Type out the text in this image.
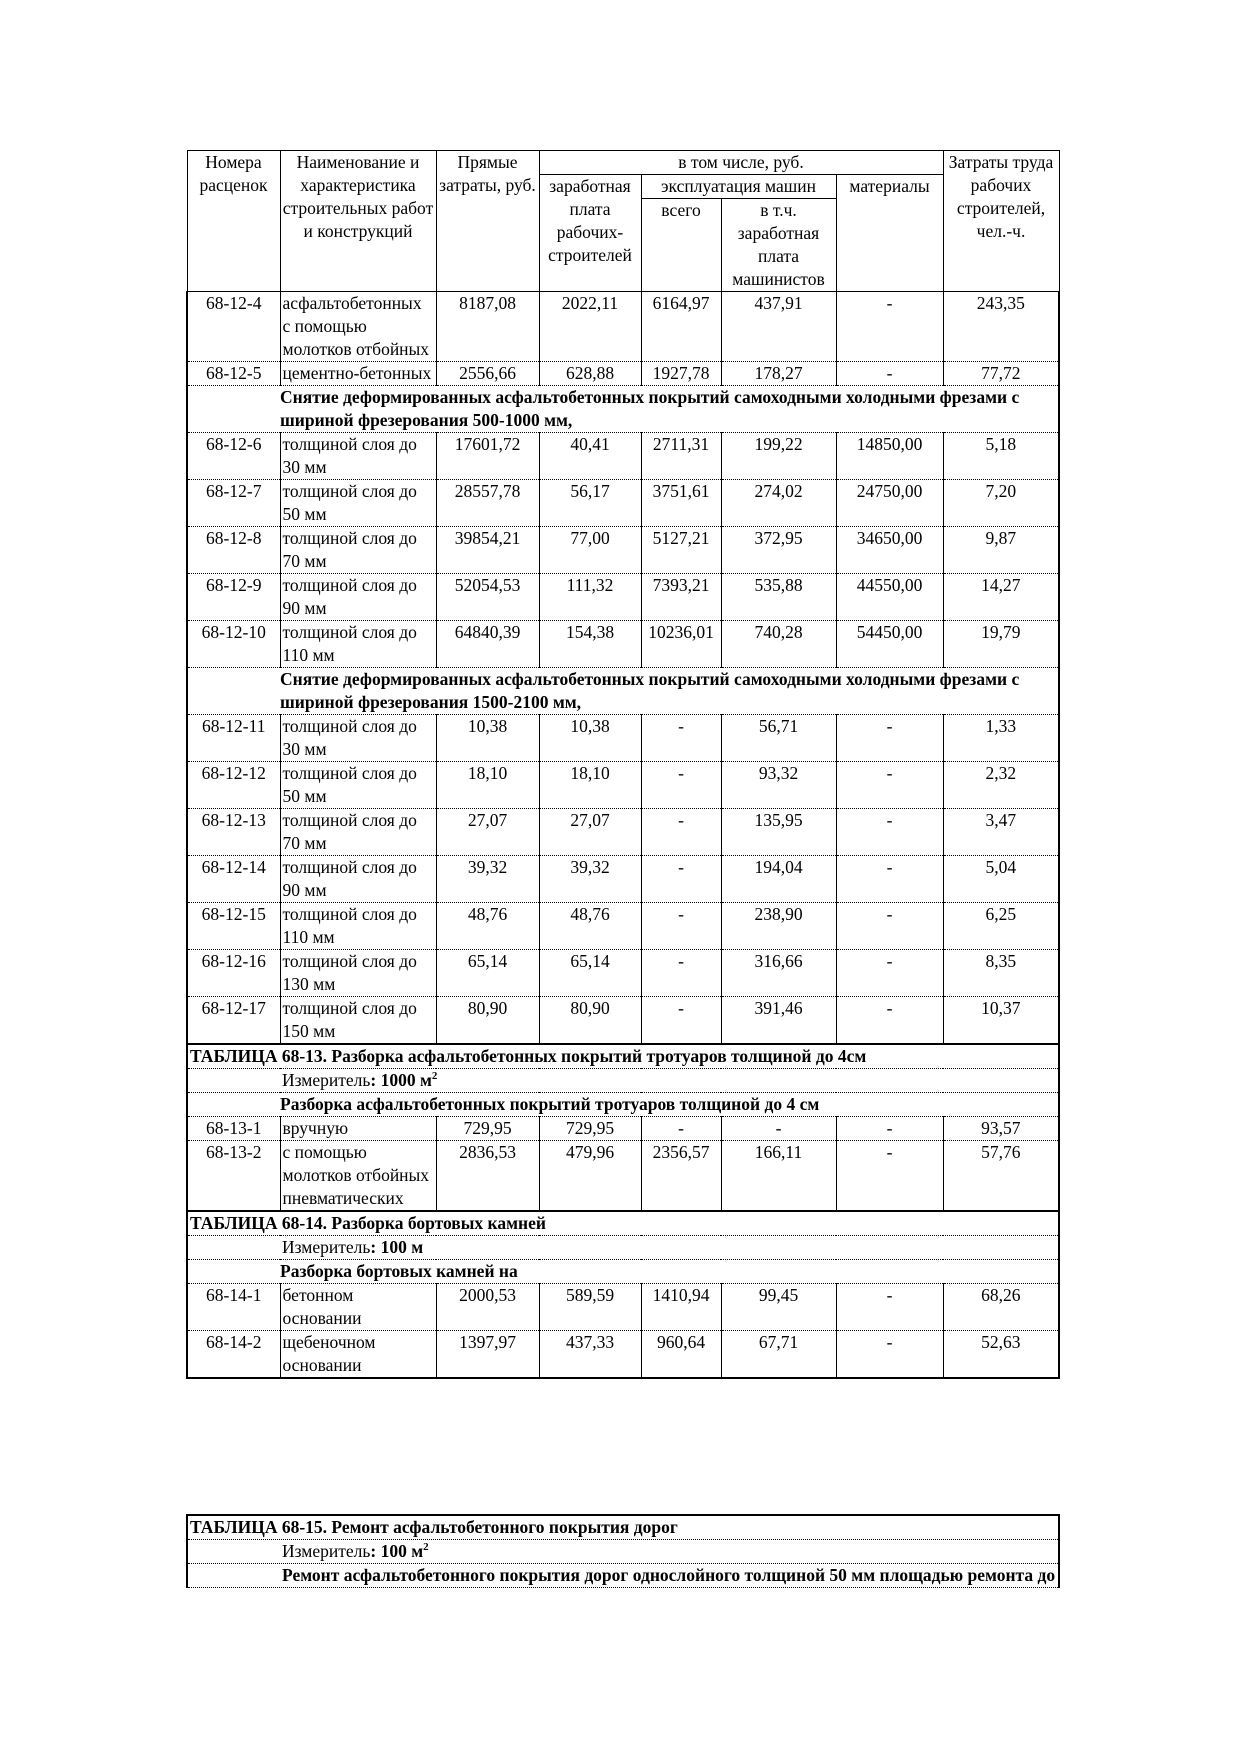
Номера расценок	Наименование и характеристика строительных работ и конструкций	Прямые затраты, руб.	в том числе, руб.				Затраты труда рабочих строителей, чел.-ч.
			заработная плата рабочих-строителей	эксплуатация машин		материалы	
				всего	в т.ч. заработная плата машинистов		
68-12-4	асфальтобетонных с помощью молотков отбойных	8187,08	2022,11	6164,97	437,91	-	243,35
68-12-5	цементно-бетонных	2556,66	628,88	1927,78	178,27	-	77,72
Снятие деформированных асфальтобетонных покрытий самоходными холодными фрезами с шириной фрезерования 500-1000 мм,							
68-12-6	толщиной слоя до 30 мм	17601,72	40,41	2711,31	199,22	14850,00	5,18
68-12-7	толщиной слоя до 50 мм	28557,78	56,17	3751,61	274,02	24750,00	7,20
68-12-8	толщиной слоя до 70 мм	39854,21	77,00	5127,21	372,95	34650,00	9,87
68-12-9	толщиной слоя до 90 мм	52054,53	111,32	7393,21	535,88	44550,00	14,27
68-12-10	толщиной слоя до 110 мм	64840,39	154,38	10236,01	740,28	54450,00	19,79
Снятие деформированных асфальтобетонных покрытий самоходными холодными фрезами с шириной фрезерования 1500-2100 мм,							
68-12-11	толщиной слоя до 30 мм	10,38	10,38	-	56,71	-	1,33
68-12-12	толщиной слоя до 50 мм	18,10	18,10	-	93,32	-	2,32
68-12-13	толщиной слоя до 70 мм	27,07	27,07	-	135,95	-	3,47
68-12-14	толщиной слоя до 90 мм	39,32	39,32	-	194,04	-	5,04
68-12-15	толщиной слоя до 110 мм	48,76	48,76	-	238,90	-	6,25
68-12-16	толщиной слоя до 130 мм	65,14	65,14	-	316,66	-	8,35
68-12-17	толщиной слоя до 150 мм	80,90	80,90	-	391,46	-	10,37
ТАБЛИЦА 68-13. Разборка асфальтобетонных покрытий тротуаров толщиной до 4см							
Измеритель: 1000 $м^2$
Разборка асфальтобетонных покрытий тротуаров толщиной до 4 см							
68-13-1	вручную	729,95	729,95	-	-	-	93,57
68-13-2	с помощью молотков отбойных пневматических	2836,53	479,96	2356,57	166,11	-	57,76
ТАБЛИЦА 68-14. Разборка бортовых камней							
Измеритель: 100 м							
Разборка бортовых камней на							
68-14-1	бетонном основании	2000,53	589,59	1410,94	99,45	-	68,26
68-14-2	щебеночном основании	1397,97	437,33	960,64	67,71	-	52,63
ТАБЛИЦА 68-15. Ремонт асфальтобетонного покрытия дорог
Измеритель: 100 $м^2$
Ремонт асфальтобетонного покрытия дорог однослойного толщиной 50 мм площадью ремонта до
